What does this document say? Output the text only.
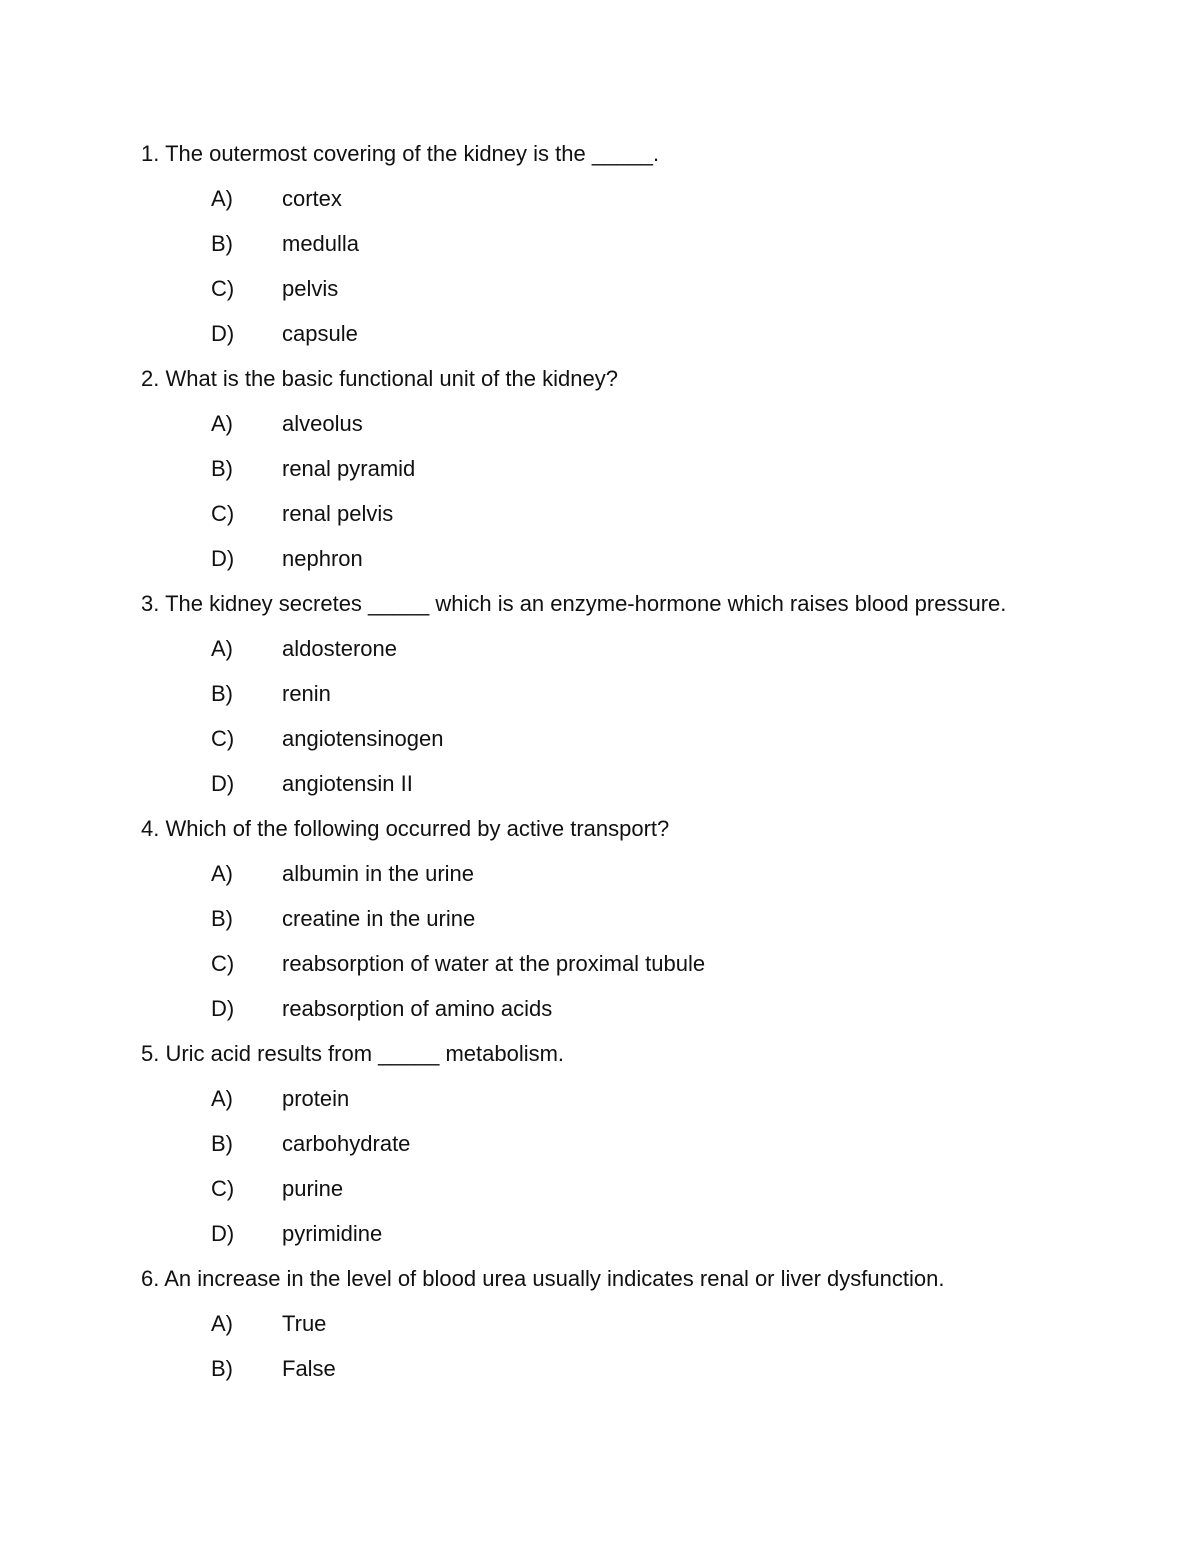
1. The outermost covering of the kidney is the _____.

A) cortex
B) medulla
C) pelvis
D) capsule

2. What is the basic functional unit of the kidney?

A) alveolus
B) renal pyramid
C) renal pelvis
D) nephron

3. The kidney secretes _____ which is an enzyme-hormone which raises blood pressure.

A) aldosterone
B) renin
C) angiotensinogen
D) angiotensin II

4. Which of the following occurred by active transport?

A) albumin in the urine
B) creatine in the urine
C) reabsorption of water at the proximal tubule
D) reabsorption of amino acids

5. Uric acid results from _____ metabolism.

A) protein
B) carbohydrate
C) purine
D) pyrimidine

6. An increase in the level of blood urea usually indicates renal or liver dysfunction.

A) True
B) False
